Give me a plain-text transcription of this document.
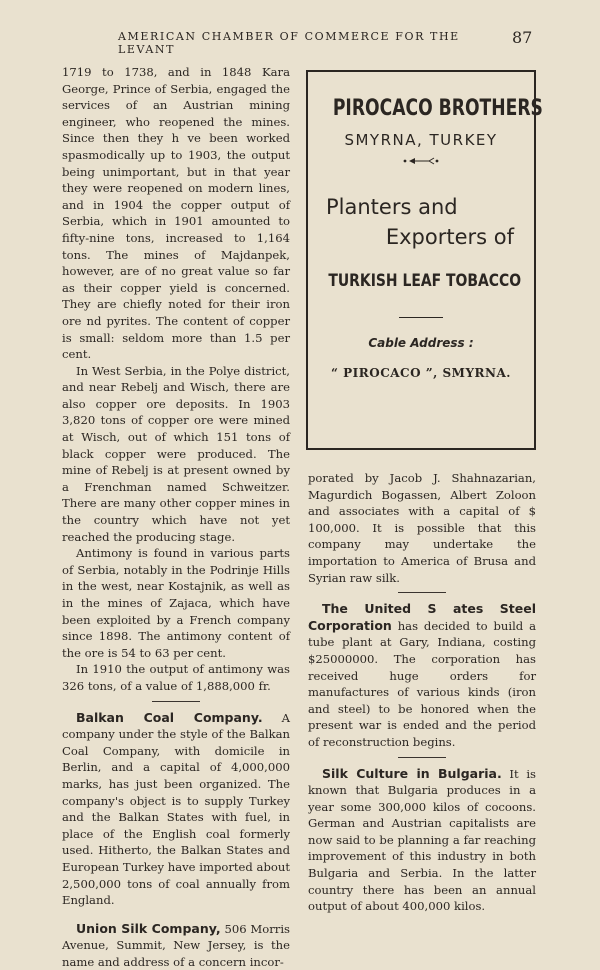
AMERICAN CHAMBER OF COMMERCE FOR THE LEVANT
87

1719 to 1738, and in 1848 Kara George, Prince of Serbia, engaged the services of an Austrian mining engineer, who reopened the mines. Since then they h ve been worked spasmodically up to 1903, the output being unimportant, but in that year they were reopened on modern lines, and in 1904 the copper output of Serbia, which in 1901 amounted to fifty-nine tons, increased to 1,164 tons. The mines of Majdanpek, however, are of no great value so far as their copper yield is concerned. They are chiefly noted for their iron ore nd pyrites. The content of copper is small: seldom more than 1.5 per cent.

In West Serbia, in the Polye district, and near Rebelj and Wisch, there are also copper ore deposits. In 1903 3,820 tons of copper ore were mined at Wisch, out of which 151 tons of black copper were produced. The mine of Rebelj is at present owned by a Frenchman named Schweitzer. There are many other copper mines in the country which have not yet reached the producing stage.

Antimony is found in various parts of Serbia, notably in the Podrinje Hills in the west, near Kostajnik, as well as in the mines of Zajaca, which have been exploited by a French company since 1898. The antimony content of the ore is 54 to 63 per cent.

In 1910 the output of antimony was 326 tons, of a value of 1,888,000 fr.

Balkan Coal Company. A company under the style of the Balkan Coal Company, with domicile in Berlin, and a capital of 4,000,000 marks, has just been organized. The company's object is to supply Turkey and the Balkan States with fuel, in place of the English coal formerly used. Hitherto, the Balkan States and European Turkey have imported about 2,500,000 tons of coal annually from England.

Union Silk Company, 506 Morris Avenue, Summit, New Jersey, is the name and address of a concern incor-

PIROCACO BROTHERS
SMYRNA, TURKEY
Planters and
Exporters of
TURKISH LEAF TOBACCO
Cable Address :
“ PIROCACO ”, SMYRNA.

porated by Jacob J. Shahnazarian, Magurdich Bogassen, Albert Zoloon and associates with a capital of $ 100,000. It is possible that this company may undertake the importation to America of Brusa and Syrian raw silk.

The United S ates Steel Corporation has decided to build a tube plant at Gary, Indiana, costing $25000000. The corporation has received huge orders for manufactures of various kinds (iron and steel) to be honored when the present war is ended and the period of reconstruction begins.

Silk Culture in Bulgaria. It is known that Bulgaria produces in a year some 300,000 kilos of cocoons. German and Austrian capitalists are now said to be planning a far reaching improvement of this industry in both Bulgaria and Serbia. In the latter country there has been an annual output of about 400,000 kilos.
